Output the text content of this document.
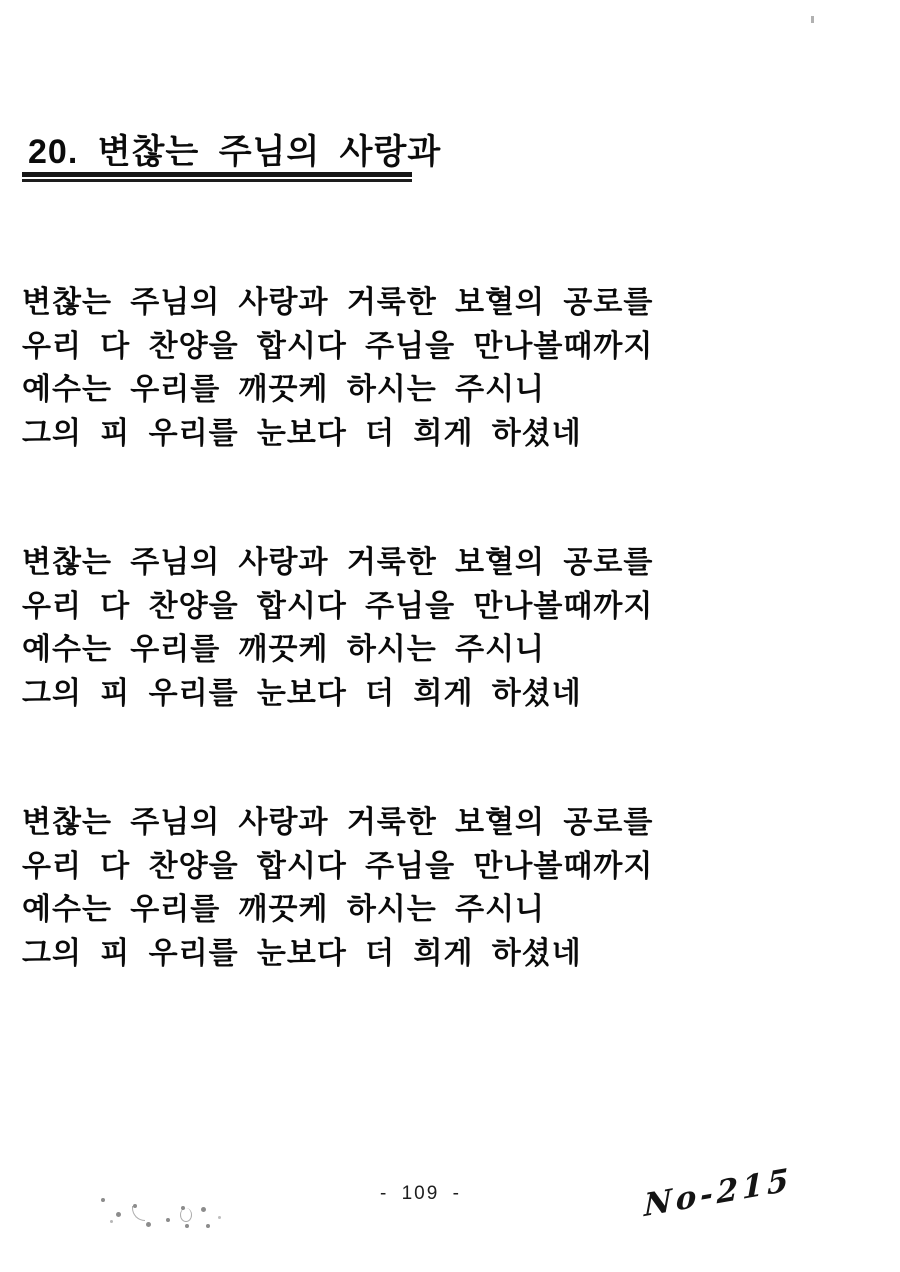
20. 변찮는 주님의 사랑과
변찮는 주님의 사랑과 거룩한 보혈의 공로를
우리 다 찬양을 합시다 주님을 만나볼때까지
예수는 우리를 깨끗케 하시는 주시니
그의 피 우리를 눈보다 더 희게 하셨네
변찮는 주님의 사랑과 거룩한 보혈의 공로를
우리 다 찬양을 합시다 주님을 만나볼때까지
예수는 우리를 깨끗케 하시는 주시니
그의 피 우리를 눈보다 더 희게 하셨네
변찮는 주님의 사랑과 거룩한 보혈의 공로를
우리 다 찬양을 합시다 주님을 만나볼때까지
예수는 우리를 깨끗케 하시는 주시니
그의 피 우리를 눈보다 더 희게 하셨네
- 109 -	No-215
